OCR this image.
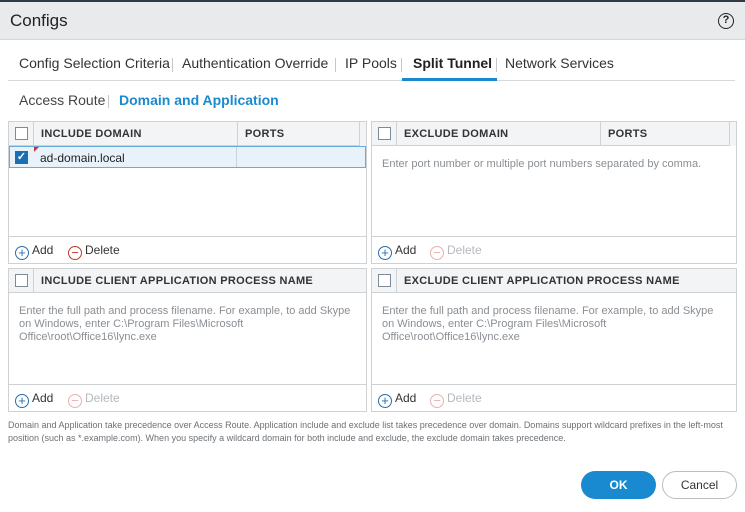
Configs	?
Config Selection Criteria Authentication Override IP Pools Split Tunnel Network Services
Access Route Domain and Application
INCLUDE DOMAIN	PORTS
✓ ad-domain.local
+ Add − Delete
EXCLUDE DOMAIN	PORTS
Enter port number or multiple port numbers separated by comma.
+ Add − Delete
INCLUDE CLIENT APPLICATION PROCESS NAME
Enter the full path and process filename. For example, to add Skype on Windows, enter C:\Program Files\Microsoft Office\root\Office16\lync.exe
+ Add − Delete
EXCLUDE CLIENT APPLICATION PROCESS NAME
Enter the full path and process filename. For example, to add Skype on Windows, enter C:\Program Files\Microsoft Office\root\Office16\lync.exe
+ Add − Delete
Domain and Application take precedence over Access Route. Application include and exclude list takes precedence over domain. Domains support wildcard prefixes in the left-most position (such as *.example.com). When you specify a wildcard domain for both include and exclude, the exclude domain takes precedence.
OK	Cancel
